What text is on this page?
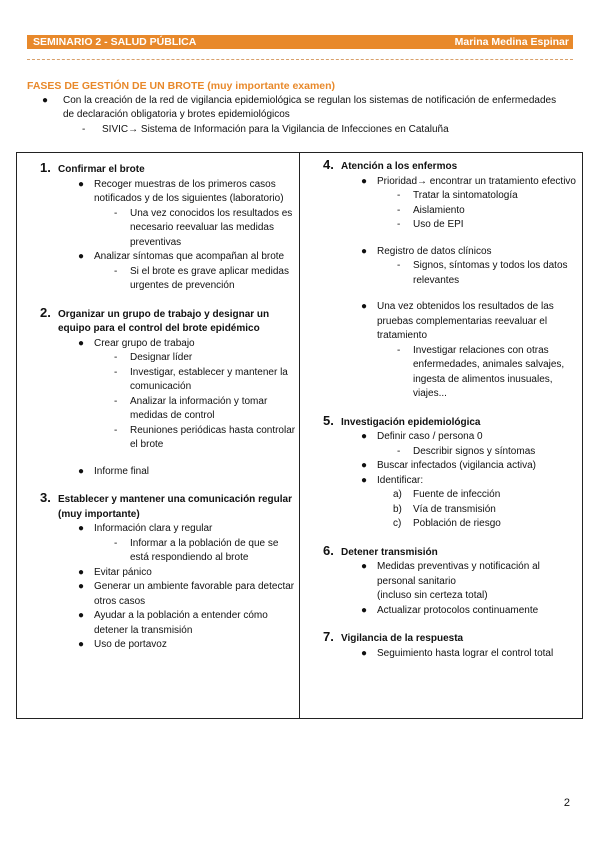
SEMINARIO 2 - SALUD PÚBLICA	Marina Medina Espinar
FASES DE GESTIÓN DE UN BROTE (muy importante examen)
● Con la creación de la red de vigilancia epidemiológica se regulan los sistemas de notificación de enfermedades de declaración obligatoria y brotes epidemiológicos
- SIVIC→ Sistema de Información para la Vigilancia de Infecciones en Cataluña
1. Confirmar el brote
● Recoger muestras de los primeros casos notificados y de los siguientes (laboratorio)
- Una vez conocidos los resultados es necesario reevaluar las medidas preventivas
● Analizar síntomas que acompañan al brote
- Si el brote es grave aplicar medidas urgentes de prevención
2. Organizar un grupo de trabajo y designar un equipo para el control del brote epidémico
● Crear grupo de trabajo
- Designar líder
- Investigar, establecer y mantener la comunicación
- Analizar la información y tomar medidas de control
- Reuniones periódicas hasta controlar el brote
● Informe final
3. Establecer y mantener una comunicación regular (muy importante)
● Información clara y regular
- Informar a la población de que se está respondiendo al brote
● Evitar pánico
● Generar un ambiente favorable para detectar otros casos
● Ayudar a la población a entender cómo detener la transmisión
● Uso de portavoz
4. Atención a los enfermos
● Prioridad→ encontrar un tratamiento efectivo
- Tratar la sintomatología
- Aislamiento
- Uso de EPI
● Registro de datos clínicos
- Signos, síntomas y todos los datos relevantes
● Una vez obtenidos los resultados de las pruebas complementarias reevaluar el tratamiento
- Investigar relaciones con otras enfermedades, animales salvajes, ingesta de alimentos inusuales, viajes...
5. Investigación epidemiológica
● Definir caso / persona 0
- Describir signos y síntomas
● Buscar infectados (vigilancia activa)
● Identificar:
a) Fuente de infección
b) Vía de transmisión
c) Población de riesgo
6. Detener transmisión
● Medidas preventivas y notificación al personal sanitario
(incluso sin certeza total)
● Actualizar protocolos continuamente
7. Vigilancia de la respuesta
● Seguimiento hasta lograr el control total
2
